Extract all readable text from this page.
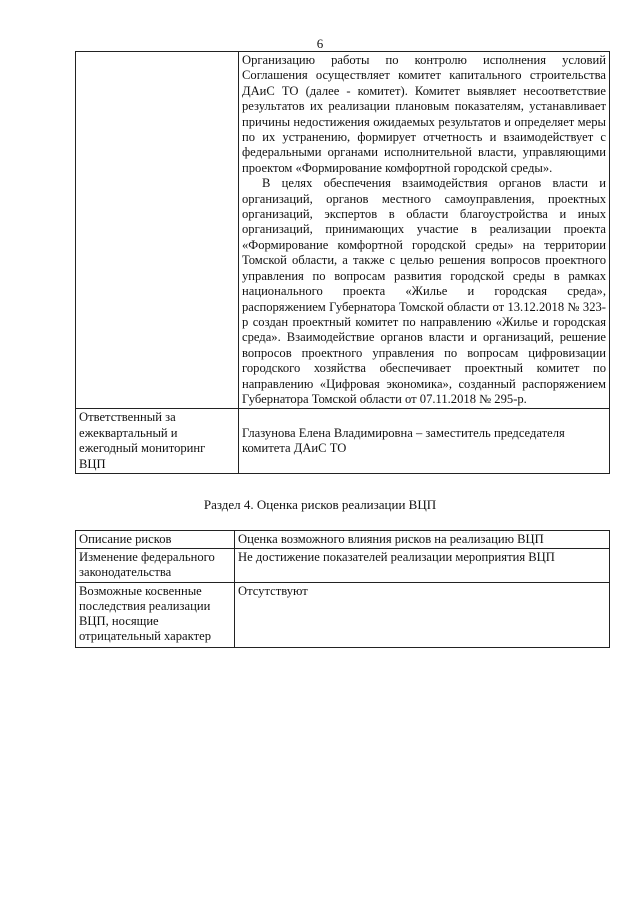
6

	Организацию работы по контролю исполнения условий Соглашения осуществляет комитет капитального строительства ДАиС ТО (далее - комитет). Комитет выявляет несоответствие результатов их реализации плановым показателям, устанавливает причины недостижения ожидаемых результатов и определяет меры по их устранению, формирует отчетность и взаимодействует с федеральными органами исполнительной власти, управляющими проектом «Формирование комфортной городской среды».

В целях обеспечения взаимодействия органов власти и организаций, органов местного самоуправления, проектных организаций, экспертов в области благоустройства и иных организаций, принимающих участие в реализации проекта «Формирование комфортной городской среды» на территории Томской области, а также с целью решения вопросов проектного управления по вопросам развития городской среды в рамках национального проекта «Жилье и городская среда», распоряжением Губернатора Томской области от 13.12.2018 № 323-р создан проектный комитет по направлению «Жилье и городская среда». Взаимодействие органов власти и организаций, решение вопросов проектного управления по вопросам цифровизации городского хозяйства обеспечивает проектный комитет по направлению «Цифровая экономика», созданный распоряжением Губернатора Томской области от 07.11.2018 № 295-р.

Ответственный за ежеквартальный и ежегодный мониторинг ВЦП	Глазунова Елена Владимировна – заместитель председателя комитета ДАиС ТО
Раздел 4. Оценка рисков реализации ВЦП
Описание рисков	Оценка возможного влияния рисков на реализацию ВЦП
Изменение федерального законодательства	Не достижение показателей реализации мероприятия ВЦП
Возможные косвенные последствия реализации ВЦП, носящие отрицательный характер	Отсутствуют
